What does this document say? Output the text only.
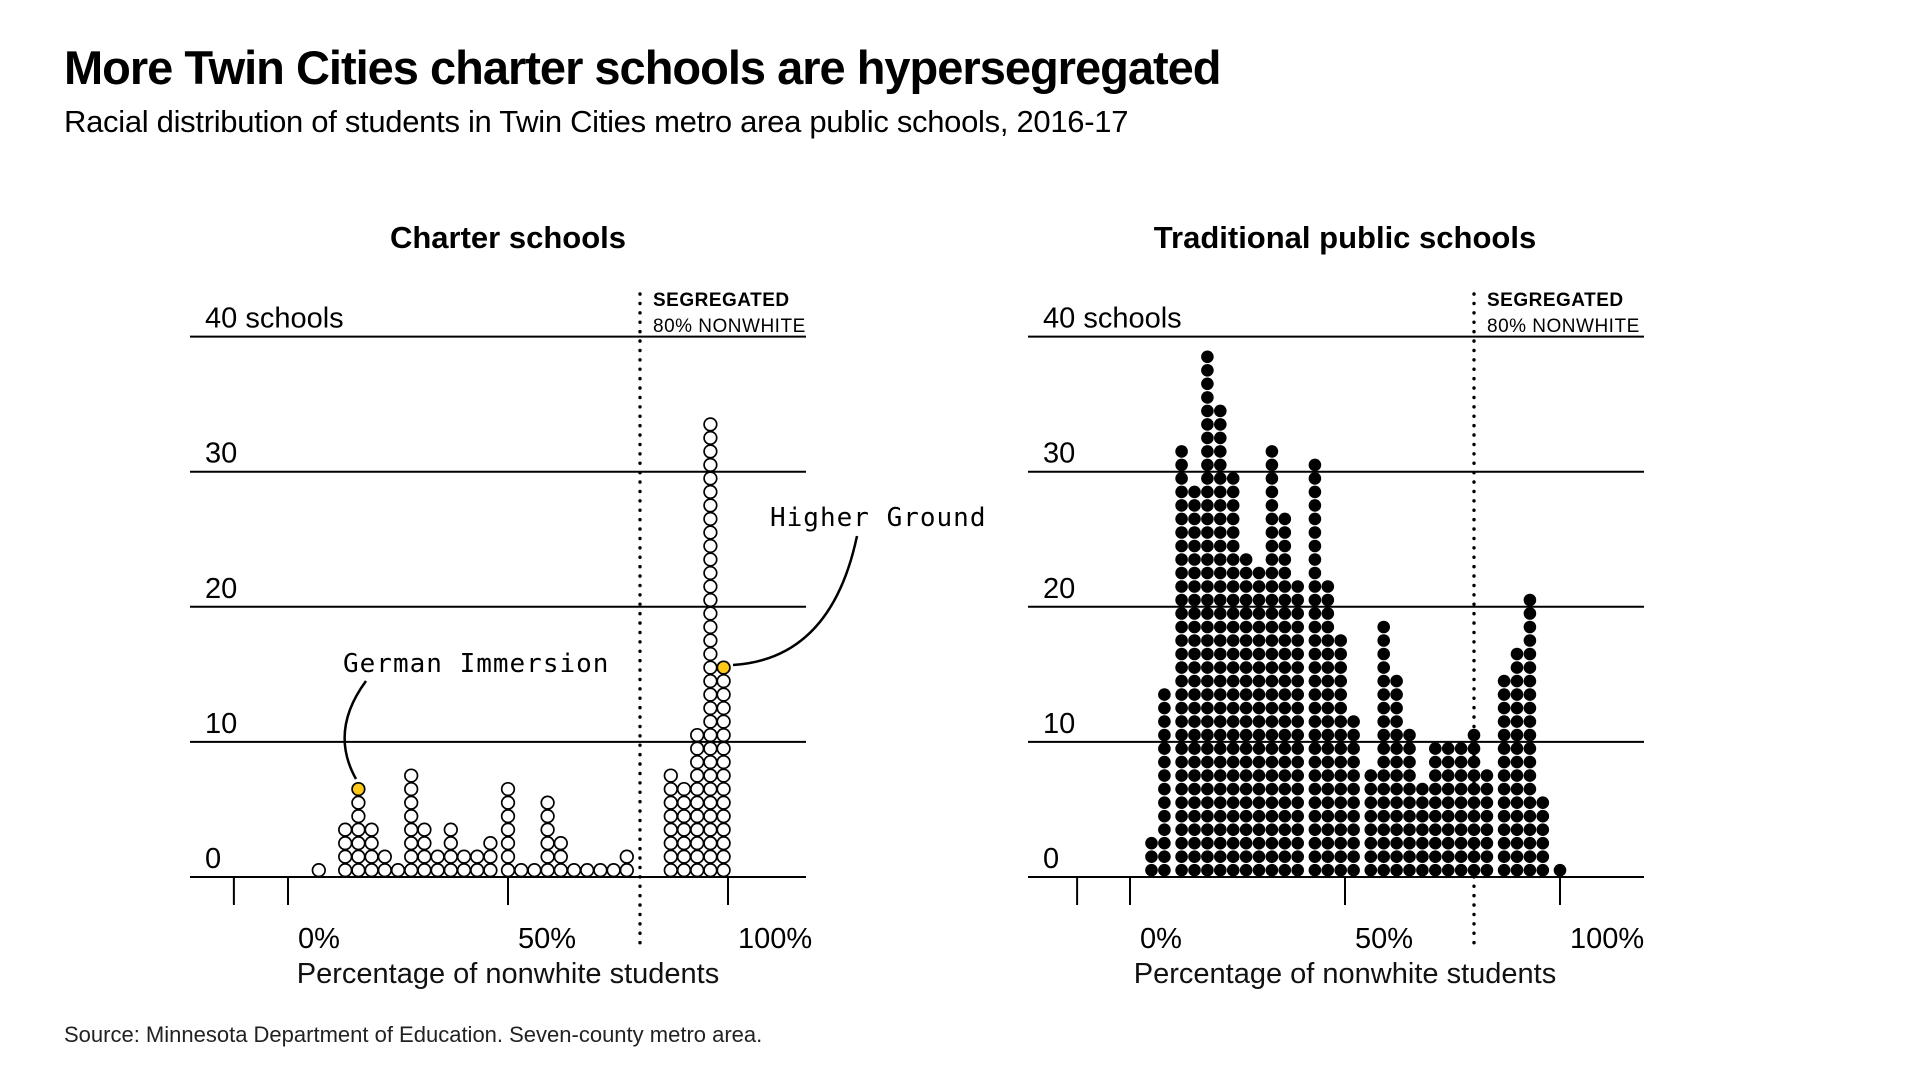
More Twin Cities charter schools are hypersegregated
Racial distribution of students in Twin Cities metro area public schools, 2016-17
Charter schools	Traditional public schools
40 schools
30
20
10
0
0%	50%	100%
SEGREGATED
80% NONWHITE
German Immersion
Higher Ground
40 schools
30
20
10
0
0%	50%	100%
SEGREGATED
80% NONWHITE
Percentage of nonwhite students	Percentage of nonwhite students
Source: Minnesota Department of Education. Seven-county metro area.
